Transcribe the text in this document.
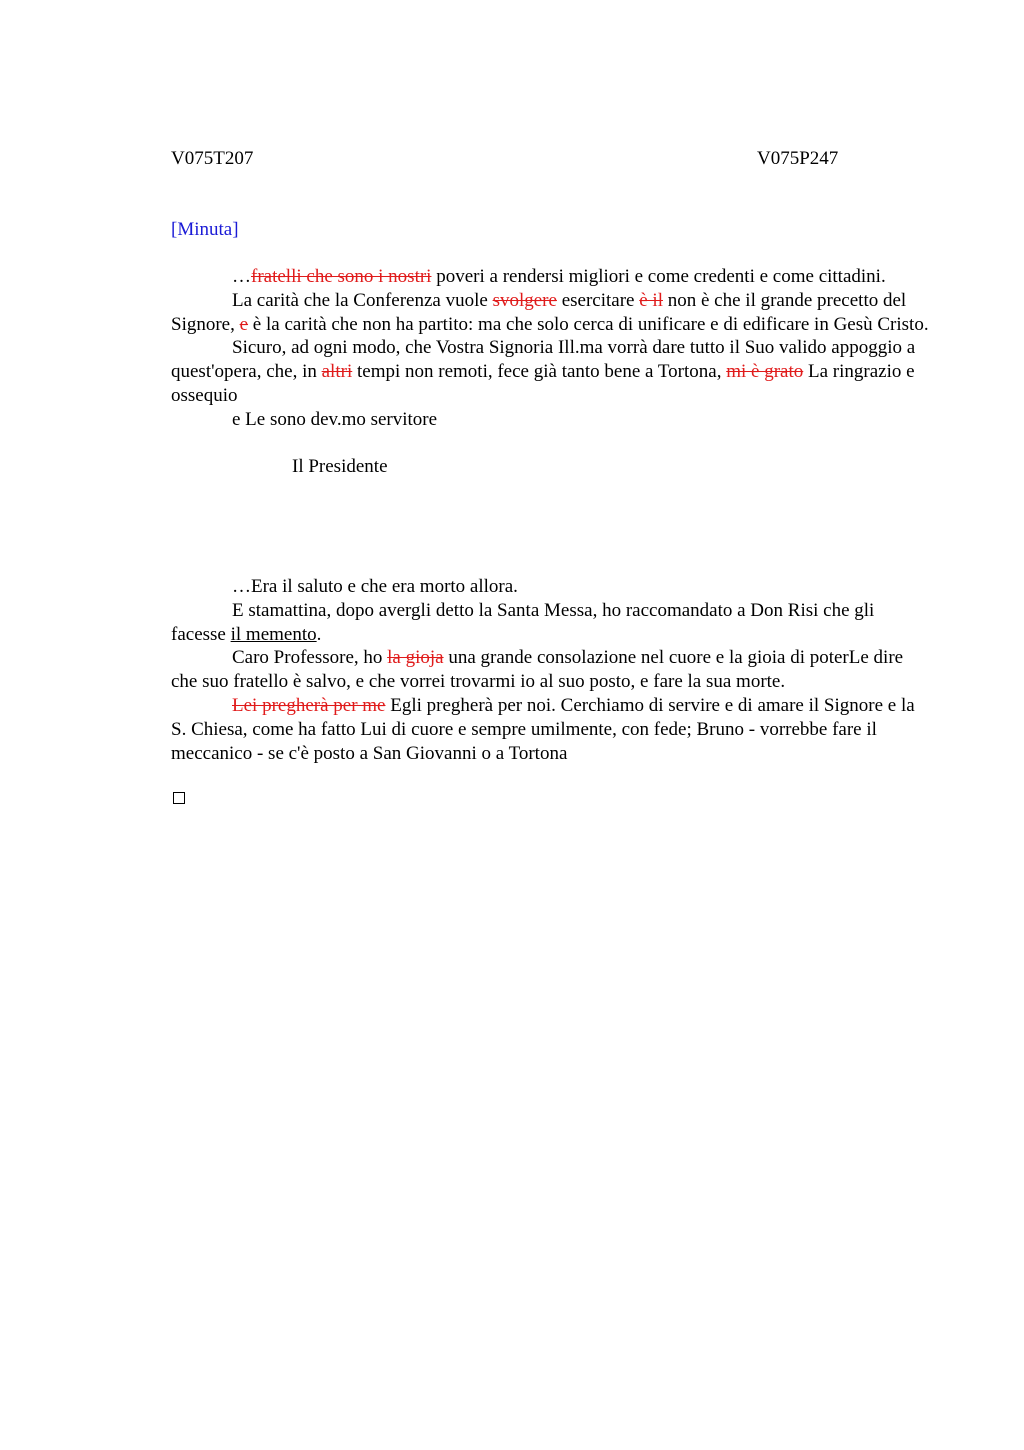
V075T207	V075P247
[Minuta]

…fratelli che sono i nostri poveri a rendersi migliori e come credenti e come cittadini.

La carità che la Conferenza vuole svolgere esercitare è il non è che il grande precetto del Signore, e è la carità che non ha partito: ma che solo cerca di unificare e di edificare in Gesù Cristo.

Sicuro, ad ogni modo, che Vostra Signoria Ill.ma vorrà dare tutto il Suo valido appoggio a quest'opera, che, in altri tempi non remoti, fece già tanto bene a Tortona, mi è grato La ringrazio e ossequio

e Le sono dev.mo servitore

Il Presidente

…Era il saluto e che era morto allora.

E stamattina, dopo avergli detto la Santa Messa, ho raccomandato a Don Risi che gli facesse il memento.

Caro Professore, ho la gioja una grande consolazione nel cuore e la gioia di poterLe dire che suo fratello è salvo, e che vorrei trovarmi io al suo posto, e fare la sua morte.

Lei pregherà per me Egli pregherà per noi. Cerchiamo di servire e di amare il Signore e la S. Chiesa, come ha fatto Lui di cuore e sempre umilmente, con fede; Bruno - vorrebbe fare il meccanico - se c'è posto a San Giovanni o a Tortona
